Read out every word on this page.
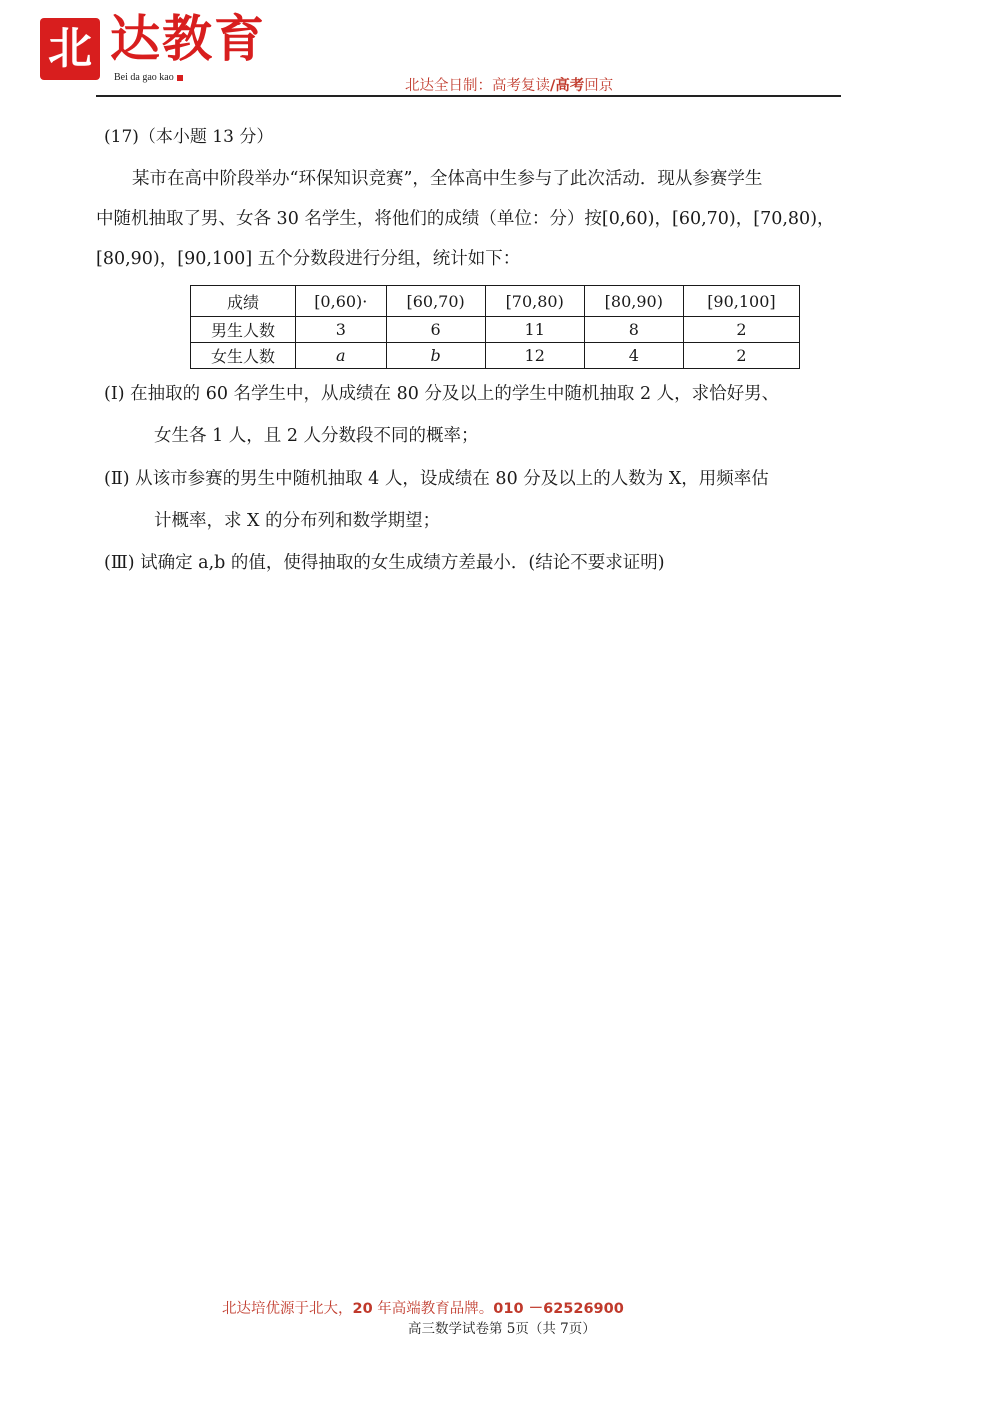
北 达教育
Bei da gao kao
北达全日制：高考复读/高考回京
(17)（本小题 13 分）
某市在高中阶段举办“环保知识竞赛”，全体高中生参与了此次活动．现从参赛学生
中随机抽取了男、女各 30 名学生，将他们的成绩（单位：分）按[0,60)，[60,70)，[70,80)，
[80,90)，[90,100] 五个分数段进行分组，统计如下：
成绩	[0,60)·	[60,70)	[70,80)	[80,90)	[90,100]
男生人数	3	6	11	8	2
女生人数	a	b	12	4	2
(Ⅰ) 在抽取的 60 名学生中，从成绩在 80 分及以上的学生中随机抽取 2 人，求恰好男、
女生各 1 人，且 2 人分数段不同的概率；
(Ⅱ) 从该市参赛的男生中随机抽取 4 人，设成绩在 80 分及以上的人数为 X，用频率估
计概率，求 X 的分布列和数学期望；
(Ⅲ) 试确定 a,b 的值，使得抽取的女生成绩方差最小．(结论不要求证明)
北达培优源于北大，20 年高端教育品牌。010 －62526900
高三数学试卷第 5页（共 7页）
